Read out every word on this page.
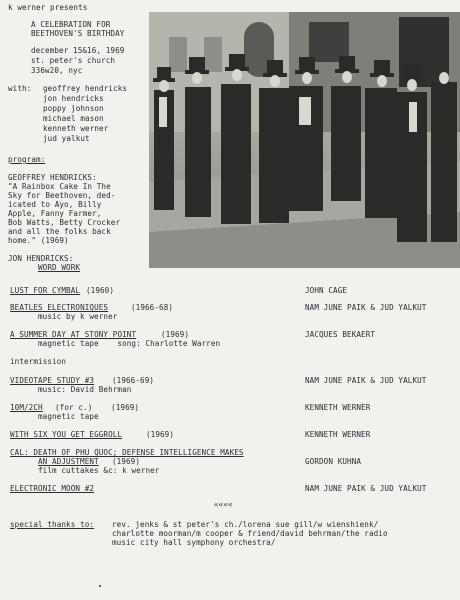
k werner presents
A CELEBRATION FOR
BEETHOVEN'S BIRTHDAY
december 15&16, 1969
st. peter's church
336w20, nyc
with: geoffrey hendricks
jon hendricks
poppy johnson
michael mason
kenneth werner
jud yalkut
program:
GEOFFREY HENDRICKS:
"A Rainbox Cake In The
Sky for Beethoven, ded-
icated to Ayo, Billy
Apple, Fanny Farmer,
Bob Watts, Betty Crocker
and all the folks back
home." (1969)
JON HENDRICKS:
WORD WORK
LUST FOR CYMBAL (1960)	JOHN CAGE
BEATLES ELECTRONIQUES	(1966-68)	NAM JUNE PAIK & JUD YALKUT
music by k werner
A SUMMER DAY AT STONY POINT	(1969)	JACQUES BEKAERT
magnetic tape    song: Charlotte Warren
intermission
VIDEOTAPE STUDY #3 (1966-69)	NAM JUNE PAIK & JUD YALKUT
music: David Behrman
10M/2CH (for c.)    (1969)	KENNETH WERNER
magnetic tape
WITH SIX YOU GET EGGROLL	(1969)	KENNETH WERNER
CAL: DEATH OF PHU QUOC; DEFENSE INTELLIGENCE MAKES
AN ADJUSTMENT (1969)	GORDON KUHNA
film cuttakes &c: k werner
ELECTRONIC MOON #2	NAM JUNE PAIK & JUD YALKUT
««««
special thanks to: rev. jenks & st peter's ch./lorena sue gill/w wienshienk/
charlotte moorman/m cooper & friend/david behrman/the radio
music city hall symphony orchestra/
